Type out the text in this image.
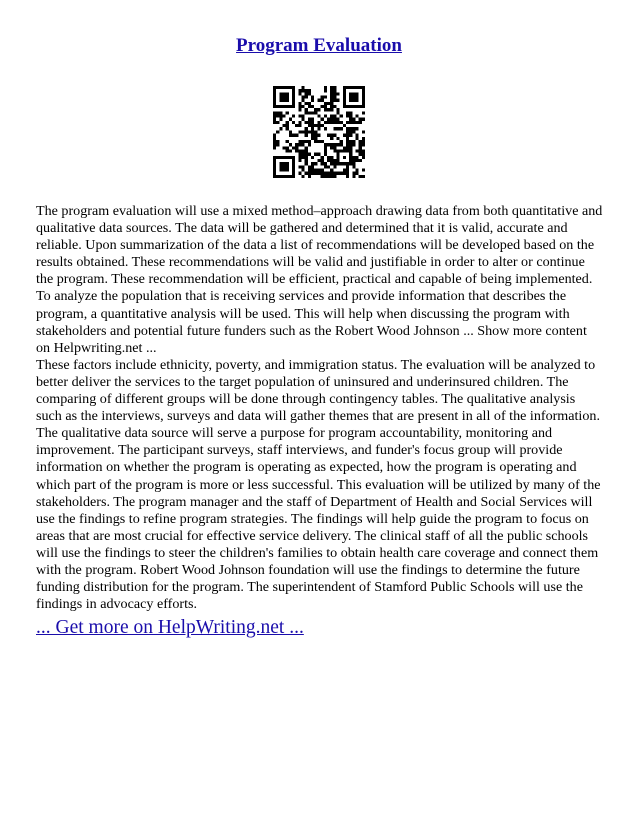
Program Evaluation

The program evaluation will use a mixed method–approach drawing data from both quantitative and qualitative data sources. The data will be gathered and determined that it is valid, accurate and reliable. Upon summarization of the data a list of recommendations will be developed based on the results obtained. These recommendations will be valid and justifiable in order to alter or continue the program. These recommendation will be efficient, practical and capable of being implemented. To analyze the population that is receiving services and provide information that describes the program, a quantitative analysis will be used. This will help when discussing the program with stakeholders and potential future funders such as the Robert Wood Johnson ... Show more content on Helpwriting.net ...

These factors include ethnicity, poverty, and immigration status. The evaluation will be analyzed to better deliver the services to the target population of uninsured and underinsured children. The comparing of different groups will be done through contingency tables. The qualitative analysis such as the interviews, surveys and data will gather themes that are present in all of the information. The qualitative data source will serve a purpose for program accountability, monitoring and improvement. The participant surveys, staff interviews, and funder's focus group will provide information on whether the program is operating as expected, how the program is operating and which part of the program is more or less successful. This evaluation will be utilized by many of the stakeholders. The program manager and the staff of Department of Health and Social Services will use the findings to refine program strategies. The findings will help guide the program to focus on areas that are most crucial for effective service delivery. The clinical staff of all the public schools will use the findings to steer the children's families to obtain health care coverage and connect them with the program. Robert Wood Johnson foundation will use the findings to determine the future funding distribution for the program. The superintendent of Stamford Public Schools will use the findings in advocacy efforts.

... Get more on HelpWriting.net ...
